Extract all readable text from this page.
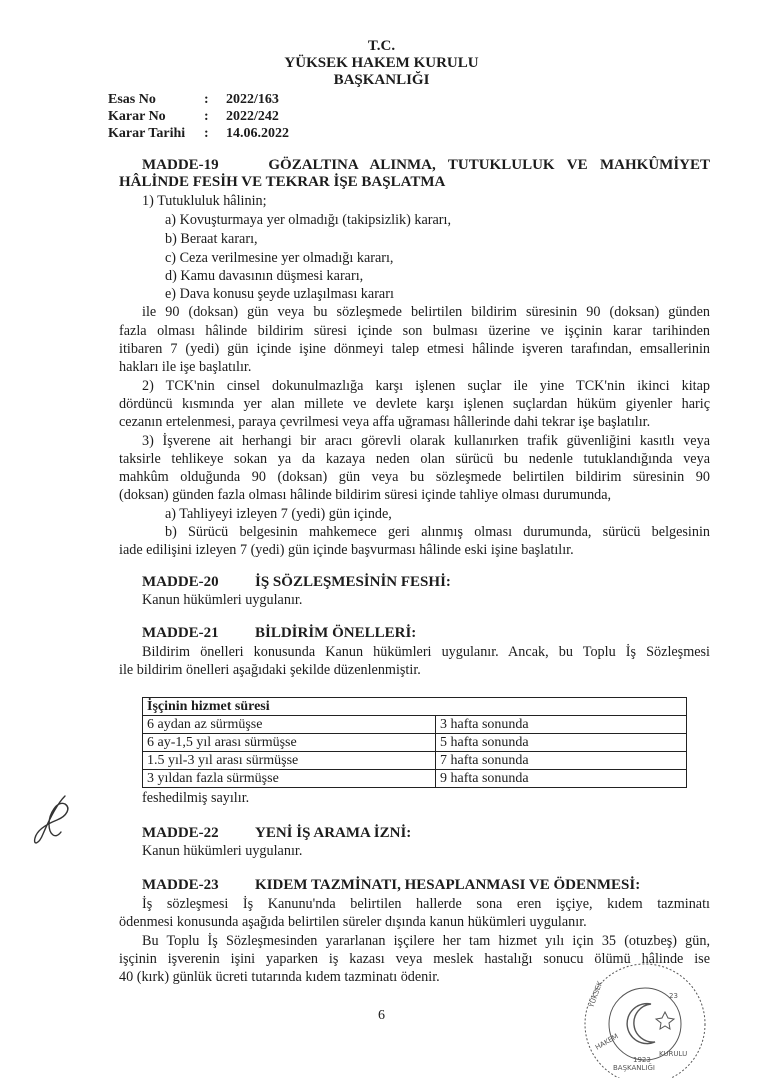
T.C.
YÜKSEK HAKEM KURULU
BAŞKANLIĞI
Esas No	: 2022/163
Karar No	: 2022/242
Karar Tarihi : 14.06.2022
MADDE-19    GÖZALTINA ALINMA, TUTUKLULUK VE MAHKÛMİYET
HÂLİNDE FESİH VE TEKRAR İŞE BAŞLATMA
1) Tutukluluk hâlinin;
a) Kovuşturmaya yer olmadığı (takipsizlik) kararı,
b) Beraat kararı,
c) Ceza verilmesine yer olmadığı kararı,
d) Kamu davasının düşmesi kararı,
e) Dava konusu şeyde uzlaşılması kararı
ile 90 (doksan) gün veya bu sözleşmede belirtilen bildirim süresinin 90 (doksan) günden
fazla olması hâlinde bildirim süresi içinde son bulması üzerine ve işçinin karar tarihinden
itibaren 7 (yedi) gün içinde işine dönmeyi talep etmesi hâlinde işveren tarafından, emsallerinin
hakları ile işe başlatılır.
2) TCK'nin cinsel dokunulmazlığa karşı işlenen suçlar ile yine TCK'nin ikinci kitap
dördüncü kısmında yer alan millete ve devlete karşı işlenen suçlardan hüküm giyenler hariç
cezanın ertelenmesi, paraya çevrilmesi veya affa uğraması hâllerinde dahi tekrar işe başlatılır.
3) İşverene ait herhangi bir aracı görevli olarak kullanırken trafik güvenliğini kasıtlı veya
taksirle tehlikeye sokan ya da kazaya neden olan sürücü bu nedenle tutuklandığında veya
mahkûm olduğunda 90 (doksan) gün veya bu sözleşmede belirtilen bildirim süresinin 90
(doksan) günden fazla olması hâlinde bildirim süresi içinde tahliye olması durumunda,
a) Tahliyeyi izleyen 7 (yedi) gün içinde,
b) Sürücü belgesinin mahkemece geri alınmış olması durumunda, sürücü belgesinin
iade edilişini izleyen 7 (yedi) gün içinde başvurması hâlinde eski işine başlatılır.
MADDE-20 İŞ SÖZLEŞMESİNİN FESHİ:
Kanun hükümleri uygulanır.
MADDE-21 BİLDİRİM ÖNELLERİ:
Bildirim önelleri konusunda Kanun hükümleri uygulanır. Ancak, bu Toplu İş Sözleşmesi
ile bildirim önelleri aşağıdaki şekilde düzenlenmiştir.
İşçinin hizmet süresi	
6 aydan az sürmüşse	3 hafta sonunda
6 ay-1,5 yıl arası sürmüşse	5 hafta sonunda
1.5 yıl-3 yıl arası sürmüşse	7 hafta sonunda
3 yıldan fazla sürmüşse	9 hafta sonunda
feshedilmiş sayılır.
MADDE-22 YENİ İŞ ARAMA İZNİ:
Kanun hükümleri uygulanır.
MADDE-23 KIDEM TAZMİNATI, HESAPLANMASI VE ÖDENMESİ:
İş sözleşmesi İş Kanunu'nda belirtilen hallerde sona eren işçiye, kıdem tazminatı
ödenmesi konusunda aşağıda belirtilen süreler dışında kanun hükümleri uygulanır.
Bu Toplu İş Sözleşmesinden yararlanan işçilere her tam hizmet yılı için 35 (otuzbeş) gün,
işçinin işverenin işini yaparken iş kazası veya meslek hastalığı sonucu ölümü hâlinde ise
40 (kırk) günlük ücreti tutarında kıdem tazminatı ödenir.
6
YÜKSEK
HAKEM
KURULU
1923
23
BAŞKANLIĞI
